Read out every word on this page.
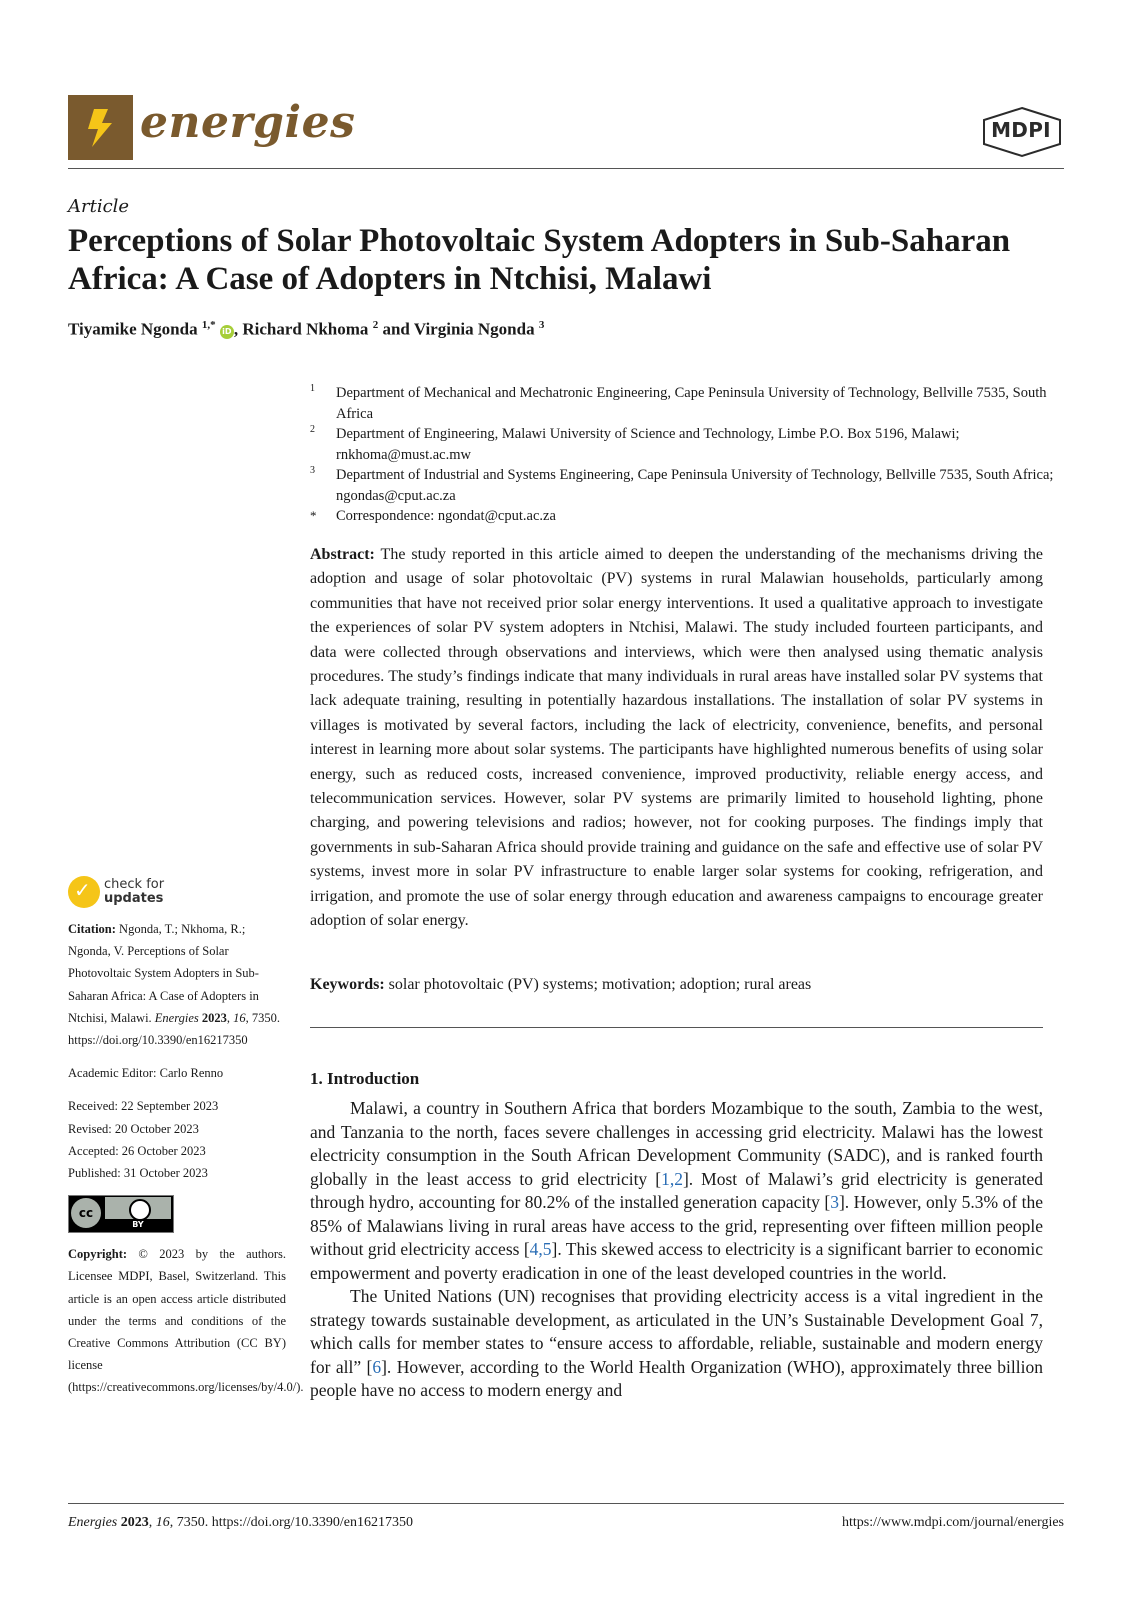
energies	MDPI
Article
Perceptions of Solar Photovoltaic System Adopters in Sub-Saharan Africa: A Case of Adopters in Ntchisi, Malawi
Tiyamike Ngonda $^{1,*}$ iD , Richard Nkhoma $^2$ and Virginia Ngonda $^3$
1 Department of Mechanical and Mechatronic Engineering, Cape Peninsula University of Technology, Bellville 7535, South Africa
2 Department of Engineering, Malawi University of Science and Technology, Limbe P.O. Box 5196, Malawi; rnkhoma@must.ac.mw
3 Department of Industrial and Systems Engineering, Cape Peninsula University of Technology, Bellville 7535, South Africa; ngondas@cput.ac.za
* Correspondence: ngondat@cput.ac.za
Abstract: The study reported in this article aimed to deepen the understanding of the mechanisms driving the adoption and usage of solar photovoltaic (PV) systems in rural Malawian households, particularly among communities that have not received prior solar energy interventions. It used a qualitative approach to investigate the experiences of solar PV system adopters in Ntchisi, Malawi. The study included fourteen participants, and data were collected through observations and interviews, which were then analysed using thematic analysis procedures. The study’s findings indicate that many individuals in rural areas have installed solar PV systems that lack adequate training, resulting in potentially hazardous installations. The installation of solar PV systems in villages is motivated by several factors, including the lack of electricity, convenience, benefits, and personal interest in learning more about solar systems. The participants have highlighted numerous benefits of using solar energy, such as reduced costs, increased convenience, improved productivity, reliable energy access, and telecommunication services. However, solar PV systems are primarily limited to household lighting, phone charging, and powering televisions and radios; however, not for cooking purposes. The findings imply that governments in sub-Saharan Africa should provide training and guidance on the safe and effective use of solar PV systems, invest more in solar PV infrastructure to enable larger solar systems for cooking, refrigeration, and irrigation, and promote the use of solar energy through education and awareness campaigns to encourage greater adoption of solar energy.
Keywords: solar photovoltaic (PV) systems; motivation; adoption; rural areas
1. Introduction

Malawi, a country in Southern Africa that borders Mozambique to the south, Zambia to the west, and Tanzania to the north, faces severe challenges in accessing grid electricity. Malawi has the lowest electricity consumption in the South African Development Community (SADC), and is ranked fourth globally in the least access to grid electricity [1,2]. Most of Malawi’s grid electricity is generated through hydro, accounting for 80.2% of the installed generation capacity [3]. However, only 5.3% of the 85% of Malawians living in rural areas have access to the grid, representing over fifteen million people without grid electricity access [4,5]. This skewed access to electricity is a significant barrier to economic empowerment and poverty eradication in one of the least developed countries in the world.

The United Nations (UN) recognises that providing electricity access is a vital ingredient in the strategy towards sustainable development, as articulated in the UN’s Sustainable Development Goal 7, which calls for member states to “ensure access to affordable, reliable, sustainable and modern energy for all” [6]. However, according to the World Health Organization (WHO), approximately three billion people have no access to modern energy and

✓ check for
updates
Citation: Ngonda, T.; Nkhoma, R.; Ngonda, V. Perceptions of Solar Photovoltaic System Adopters in Sub-Saharan Africa: A Case of Adopters in Ntchisi, Malawi. Energies 2023, 16, 7350. https://doi.org/10.3390/en16217350
Academic Editor: Carlo Renno
Received: 22 September 2023
Revised: 20 October 2023
Accepted: 26 October 2023
Published: 31 October 2023
cc
BY
Copyright: © 2023 by the authors. Licensee MDPI, Basel, Switzerland. This article is an open access article distributed under the terms and conditions of the Creative Commons Attribution (CC BY) license (https://creativecommons.org/licenses/by/4.0/).
Energies 2023, 16, 7350. https://doi.org/10.3390/en16217350	https://www.mdpi.com/journal/energies
